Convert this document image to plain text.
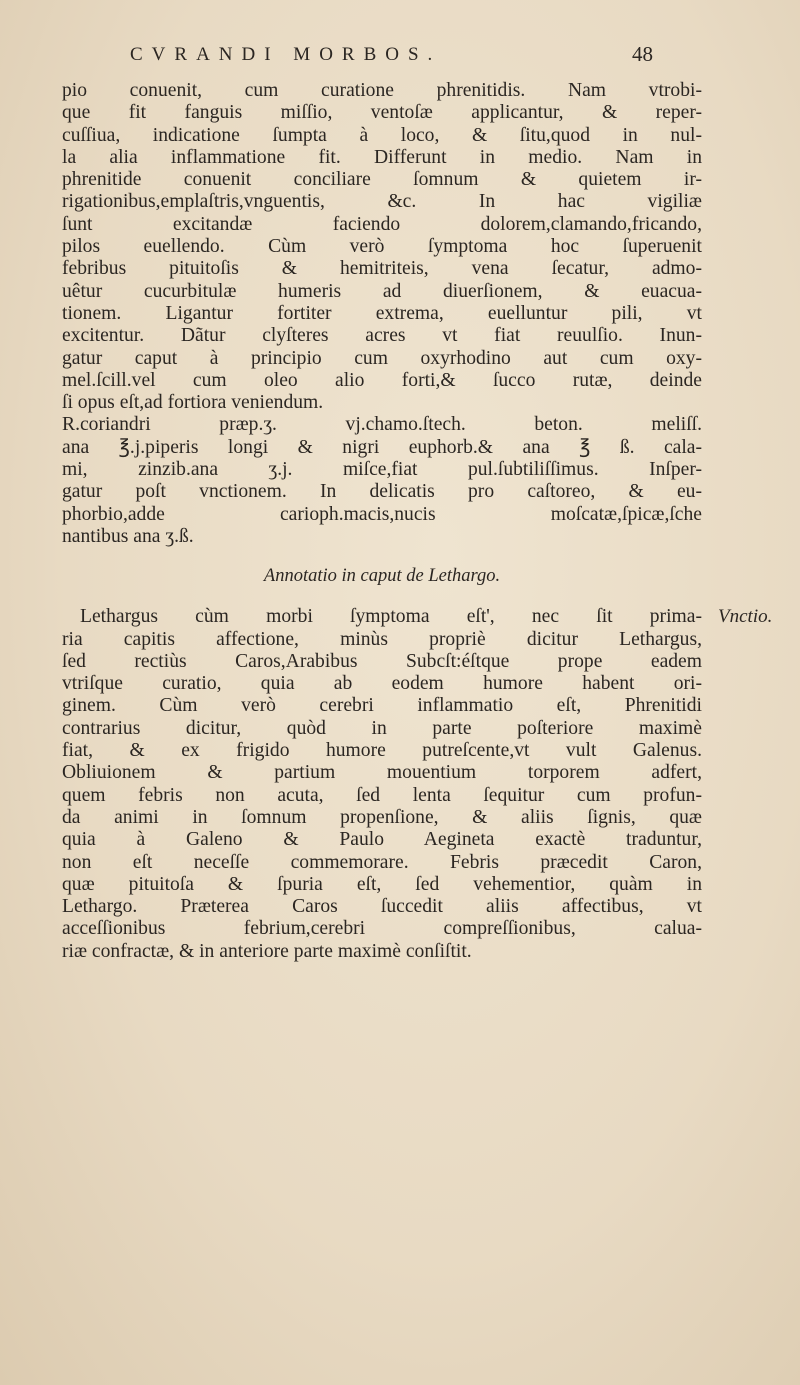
CVRANDI MORBOS.	48
pio conuenit, cum curatione phrenitidis. Nam vtrobi-
que fit fanguis miſſio, ventoſæ applicantur, & reper-
cuſſiua, indicatione ſumpta à loco, & ſitu,quod in nul-
la alia inflammatione fit. Differunt in medio. Nam in
phrenitide conuenit conciliare ſomnum & quietem ir-
rigationibus,emplaſtris,vnguentis, &c. In hac vigiliæ
ſunt excitandæ faciendo dolorem,clamando,fricando,
pilos euellendo. Cùm verò ſymptoma hoc ſuperuenit
febribus pituitoſis & hemitriteis, vena ſecatur, admo-
uêtur cucurbitulæ humeris ad diuerſionem, & euacua-
tionem. Ligantur fortiter extrema, euelluntur pili, vt
excitentur. Dãtur clyſteres acres vt fiat reuulſio. Inun-
gatur caput à principio cum oxyrhodino aut cum oxy-
mel.ſcill.vel cum oleo alio forti,& ſucco rutæ, deinde
ſi opus eſt,ad fortiora veniendum.
R.coriandri præp.ʒ. vj.chamo.ſtech. beton. meliſſ.
ana ℥.j.piperis longi & nigri euphorb.& ana ℥ ß. cala-
mi, zinzib.ana ʒ.j. miſce,fiat pul.ſubtiliſſimus. Inſper-
gatur poſt vnctionem. In delicatis pro caſtoreo, & eu-
phorbio,adde carioph.macis,nucis moſcatæ,ſpicæ,ſche
nantibus ana ʒ.ß.
Annotatio in caput de Lethargo.
Lethargus cùm morbi ſymptoma eſt', nec ſit prima-
ria capitis affectione, minùs propriè dicitur Lethargus,
ſed rectiùs Caros,Arabibus Subcſt:éſtque prope eadem
vtriſque curatio, quia ab eodem humore habent ori-
ginem. Cùm verò cerebri inflammatio eſt, Phrenitidi
contrarius dicitur, quòd in parte poſteriore maximè
fiat, & ex frigido humore putreſcente,vt vult Galenus.
Obliuionem & partium mouentium torporem adfert,
quem febris non acuta, ſed lenta ſequitur cum profun-
da animi in ſomnum propenſione, & aliis ſignis, quæ
quia à Galeno & Paulo Aegineta exactè traduntur,
non eſt neceſſe commemorare. Febris præcedit Caron,
quæ pituitoſa & ſpuria eſt, ſed vehementior, quàm in
Lethargo. Præterea Caros ſuccedit aliis affectibus, vt
acceſſionibus febrium,cerebri compreſſionibus, calua-
riæ confractæ, & in anteriore parte maximè conſiſtit.
Vnctio.
